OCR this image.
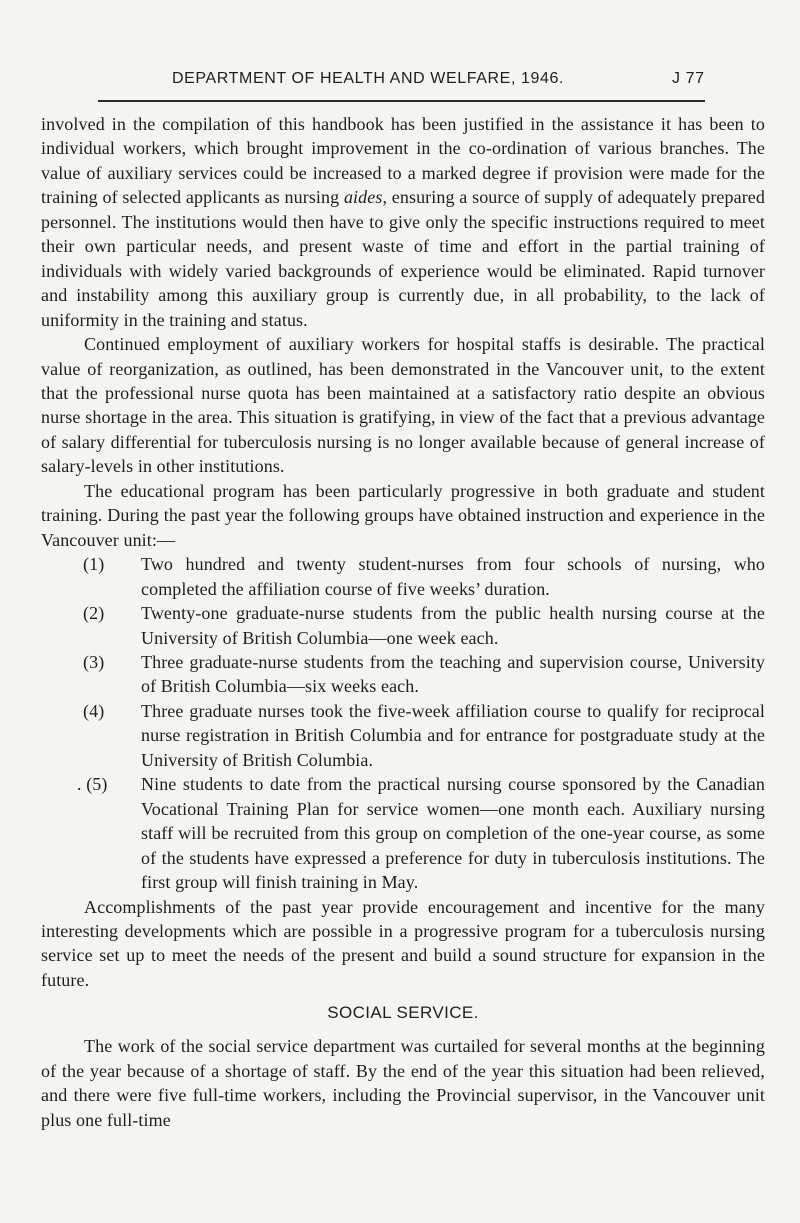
DEPARTMENT OF HEALTH AND WELFARE, 1946.	J 77

involved in the compilation of this handbook has been justified in the assistance it has been to individual workers, which brought improvement in the co-ordination of various branches. The value of auxiliary services could be increased to a marked degree if provision were made for the training of selected applicants as nursing aides, ensuring a source of supply of adequately prepared personnel. The institutions would then have to give only the specific instructions required to meet their own particular needs, and present waste of time and effort in the partial training of individuals with widely varied backgrounds of experience would be eliminated. Rapid turnover and instability among this auxiliary group is currently due, in all probability, to the lack of uniformity in the training and status.

Continued employment of auxiliary workers for hospital staffs is desirable. The practical value of reorganization, as outlined, has been demonstrated in the Vancouver unit, to the extent that the professional nurse quota has been maintained at a satisfactory ratio despite an obvious nurse shortage in the area. This situation is gratifying, in view of the fact that a previous advantage of salary differential for tuberculosis nursing is no longer available because of general increase of salary-levels in other institutions.

The educational program has been particularly progressive in both graduate and student training. During the past year the following groups have obtained instruction and experience in the Vancouver unit:—

(1) Two hundred and twenty student-nurses from four schools of nursing, who completed the affiliation course of five weeks’ duration.
(2) Twenty-one graduate-nurse students from the public health nursing course at the University of British Columbia—one week each.
(3) Three graduate-nurse students from the teaching and supervision course, University of British Columbia—six weeks each.
(4) Three graduate nurses took the five-week affiliation course to qualify for reciprocal nurse registration in British Columbia and for entrance for postgraduate study at the University of British Columbia.
. (5) Nine students to date from the practical nursing course sponsored by the Canadian Vocational Training Plan for service women—one month each. Auxiliary nursing staff will be recruited from this group on completion of the one-year course, as some of the students have expressed a preference for duty in tuberculosis institutions. The first group will finish training in May.

Accomplishments of the past year provide encouragement and incentive for the many interesting developments which are possible in a progressive program for a tuberculosis nursing service set up to meet the needs of the present and build a sound structure for expansion in the future.

SOCIAL SERVICE.

The work of the social service department was curtailed for several months at the beginning of the year because of a shortage of staff. By the end of the year this situation had been relieved, and there were five full-time workers, including the Provincial supervisor, in the Vancouver unit plus one full-time
